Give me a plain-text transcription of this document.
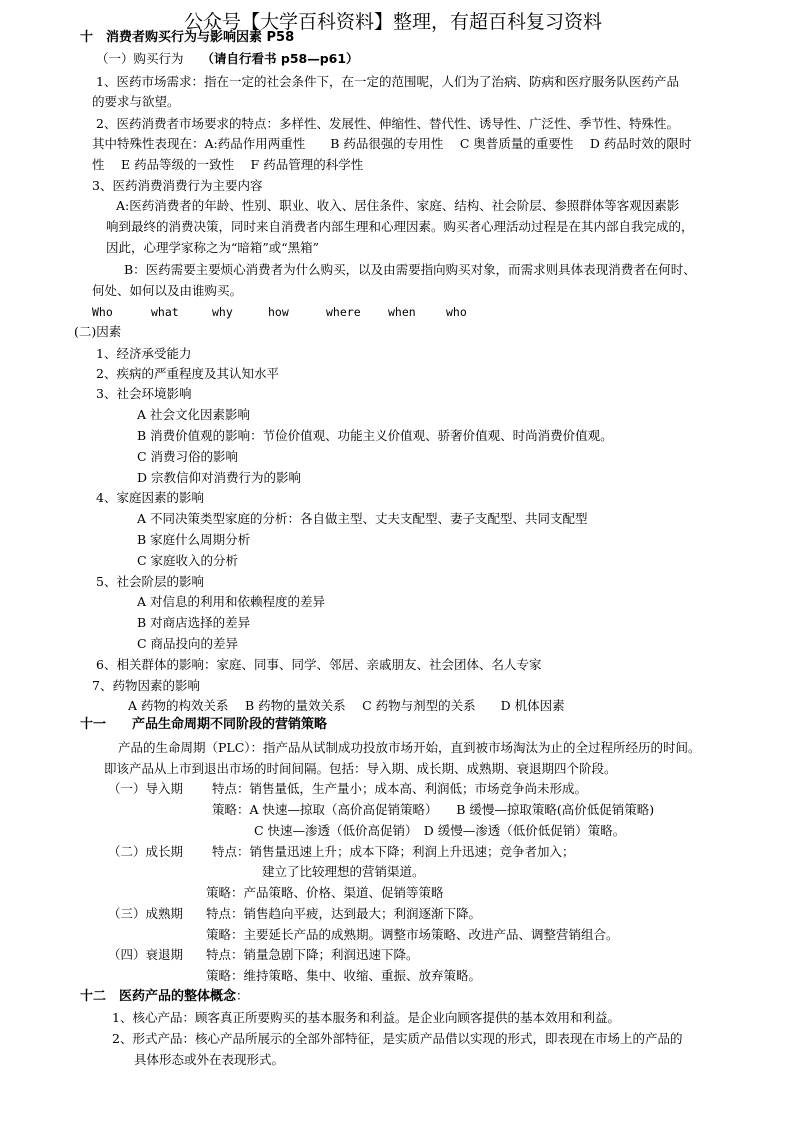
公众号【大学百科资料】整理，有超百科复习资料
十　消费者购买行为与影响因素 P58
（一）购买行为 （请自行看书 p58—p61）
1、医药市场需求：指在一定的社会条件下，在一定的范围呢，人们为了治病、防病和医疗服务队医药产品
的要求与欲望。
2、医药消费者市场要求的特点：多样性、发展性、伸缩性、替代性、诱导性、广泛性、季节性、特殊性。
其中特殊性表现在：A:药品作用两重性　　B 药品很强的专用性　 C 奥普质量的重要性　 D 药品时效的限时
性　 E 药品等级的一致性　 F 药品管理的科学性
3、医药消费消费行为主要内容
A:医药消费者的年龄、性别、职业、收入、居住条件、家庭、结构、社会阶层、参照群体等客观因素影
响到最终的消费决策，同时来自消费者内部生理和心理因素。购买者心理活动过程是在其内部自我完成的，
因此，心理学家称之为“暗箱”或“黑箱”
B：医药需要主要烦心消费者为什么购买，以及由需要指向购买对象，而需求则具体表现消费者在何时、
何处、如何以及由谁购买。
Who	what	why	how	where when	who
(二)因素
1、经济承受能力
2、疾病的严重程度及其认知水平
3、社会环境影响
A 社会文化因素影响
B 消费价值观的影响：节俭价值观、功能主义价值观、骄奢价值观、时尚消费价值观。
C 消费习俗的影响
D 宗教信仰对消费行为的影响
4、家庭因素的影响
A 不同决策类型家庭的分析：各自做主型、丈夫支配型、妻子支配型、共同支配型
B 家庭什么周期分析
C 家庭收入的分析
5、社会阶层的影响
A 对信息的利用和依赖程度的差异
B 对商店选择的差异
C 商品投向的差异
6、相关群体的影响：家庭、同事、同学、邻居、亲戚朋友、社会团体、名人专家
7、药物因素的影响
A 药物的构效关系　 B 药物的量效关系　 C 药物与剂型的关系　　D 机体因素
十一　　产品生命周期不同阶段的营销策略
产品的生命周期（PLC）：指产品从试制成功投放市场开始，直到被市场淘汰为止的全过程所经历的时间。
即该产品从上市到退出市场的时间间隔。包括：导入期、成长期、成熟期、衰退期四个阶段。
（一）导入期 特点：销售量低，生产量小；成本高、利润低；市场竞争尚未形成。
策略：A 快速—掠取（高价高促销策略）　　B 缓慢—掠取策略(高价低促销策略)
C 快速—渗透（低价高促销）　D 缓慢—渗透（低价低促销）策略。
（二）成长期 特点：销售量迅速上升；成本下降；利润上升迅速；竞争者加入；
建立了比较理想的营销渠道。
策略：产品策略、价格、渠道、促销等策略
（三）成熟期 特点：销售趋向平疲，达到最大；利润逐渐下降。
策略：主要延长产品的成熟期。调整市场策略、改进产品、调整营销组合。
（四）衰退期 特点：销量急剧下降；利润迅速下降。
策略：维持策略、集中、收缩、重振、放弃策略。
十二　医药产品的整体概念：
1、核心产品：顾客真正所要购买的基本服务和利益。是企业向顾客提供的基本效用和利益。
2、形式产品：核心产品所展示的全部外部特征，是实质产品借以实现的形式，即表现在市场上的产品的
具体形态或外在表现形式。
